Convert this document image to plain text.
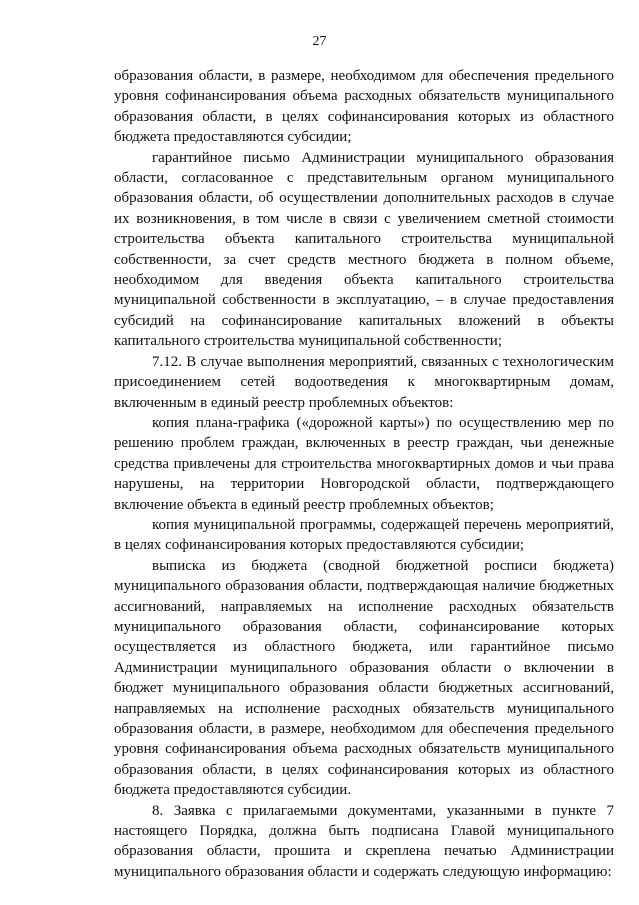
27

образования области, в размере, необходимом для обеспечения предельного уровня софинансирования объема расходных обязательств муниципального образования области, в целях софинансирования которых из областного бюджета предоставляются субсидии;

гарантийное письмо Администрации муниципального образования области, согласованное с представительным органом муниципального образования области, об осуществлении дополнительных расходов в случае их возникновения, в том числе в связи с увеличением сметной стоимости строительства объекта капитального строительства муниципальной собственности, за счет средств местного бюджета в полном объеме, необходимом для введения объекта капитального строительства муниципальной собственности в эксплуатацию, – в случае предоставления субсидий на софинансирование капитальных вложений в объекты капитального строительства муниципальной собственности;

7.12. В случае выполнения мероприятий, связанных с технологическим присоединением сетей водоотведения к многоквартирным домам, включенным в единый реестр проблемных объектов:

копия плана-графика («дорожной карты») по осуществлению мер по решению проблем граждан, включенных в реестр граждан, чьи денежные средства привлечены для строительства многоквартирных домов и чьи права нарушены, на территории Новгородской области, подтверждающего включение объекта в единый реестр проблемных объектов;

копия муниципальной программы, содержащей перечень мероприятий, в целях софинансирования которых предоставляются субсидии;

выписка из бюджета (сводной бюджетной росписи бюджета) муниципального образования области, подтверждающая наличие бюджетных ассигнований, направляемых на исполнение расходных обязательств муниципального образования области, софинансирование которых осуществляется из областного бюджета, или гарантийное письмо Администрации муниципального образования области о включении в бюджет муниципального образования области бюджетных ассигнований, направляемых на исполнение расходных обязательств муниципального образования области, в размере, необходимом для обеспечения предельного уровня софинансирования объема расходных обязательств муниципального образования области, в целях софинансирования которых из областного бюджета предоставляются субсидии.

8. Заявка с прилагаемыми документами, указанными в пункте 7 настоящего Порядка, должна быть подписана Главой муниципального образования области, прошита и скреплена печатью Администрации муниципального образования области и содержать следующую информацию:
